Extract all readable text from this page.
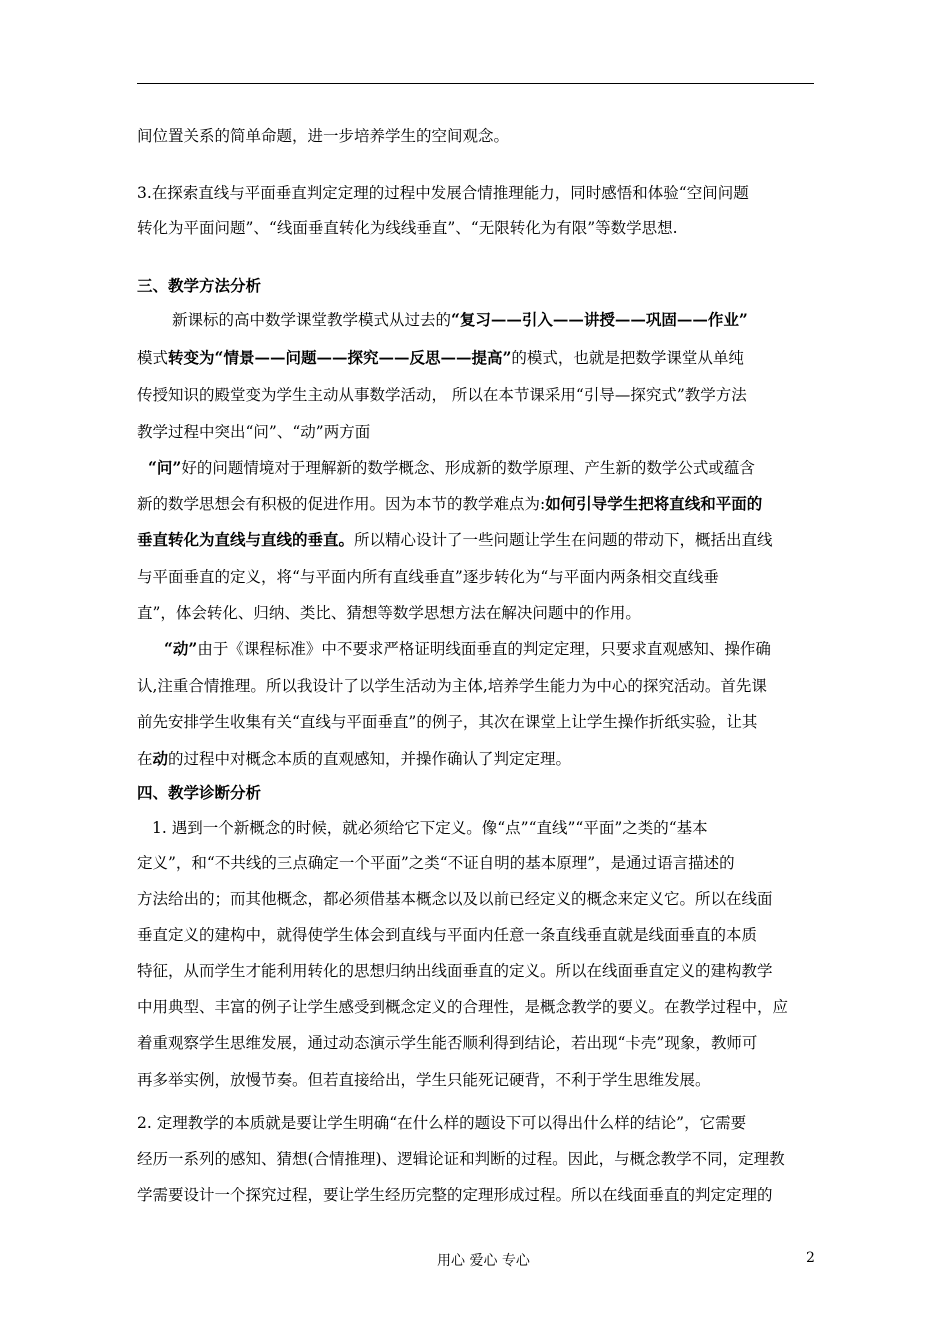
间位置关系的简单命题，进一步培养学生的空间观念。
3.在探索直线与平面垂直判定定理的过程中发展合情推理能力，同时感悟和体验“空间问题
转化为平面问题”、“线面垂直转化为线线垂直”、“无限转化为有限”等数学思想.
三、教学方法分析
新课标的高中数学课堂教学模式从过去的“复习——引入——讲授——巩固——作业”
模式转变为“情景——问题——探究——反思——提高”的模式，也就是把数学课堂从单纯
传授知识的殿堂变为学生主动从事数学活动， 所以在本节课采用“引导—探究式”教学方法
教学过程中突出“问”、“动”两方面
“问”好的问题情境对于理解新的数学概念、形成新的数学原理、产生新的数学公式或蕴含
新的数学思想会有积极的促进作用。因为本节的教学难点为:如何引导学生把将直线和平面的
垂直转化为直线与直线的垂直。所以精心设计了一些问题让学生在问题的带动下，概括出直线
与平面垂直的定义，将“与平面内所有直线垂直”逐步转化为“与平面内两条相交直线垂
直”，体会转化、归纳、类比、猜想等数学思想方法在解决问题中的作用。
“动”由于《课程标准》中不要求严格证明线面垂直的判定定理，只要求直观感知、操作确
认,注重合情推理。所以我设计了以学生活动为主体,培养学生能力为中心的探究活动。首先课
前先安排学生收集有关“直线与平面垂直”的例子，其次在课堂上让学生操作折纸实验，让其
在动的过程中对概念本质的直观感知，并操作确认了判定定理。
四、教学诊断分析
1. 遇到一个新概念的时候，就必须给它下定义。像“点”“直线”“平面”之类的“基本
定义”，和“不共线的三点确定一个平面”之类“不证自明的基本原理”，是通过语言描述的
方法给出的；而其他概念，都必须借基本概念以及以前已经定义的概念来定义它。所以在线面
垂直定义的建构中，就得使学生体会到直线与平面内任意一条直线垂直就是线面垂直的本质
特征，从而学生才能利用转化的思想归纳出线面垂直的定义。所以在线面垂直定义的建构教学
中用典型、丰富的例子让学生感受到概念定义的合理性，是概念教学的要义。在教学过程中，应
着重观察学生思维发展，通过动态演示学生能否顺利得到结论，若出现“卡壳”现象，教师可
再多举实例，放慢节奏。但若直接给出，学生只能死记硬背，不利于学生思维发展。
2. 定理教学的本质就是要让学生明确“在什么样的题设下可以得出什么样的结论”，它需要
经历一系列的感知、猜想(合情推理)、逻辑论证和判断的过程。因此，与概念教学不同，定理教
学需要设计一个探究过程，要让学生经历完整的定理形成过程。所以在线面垂直的判定定理的
用心 爱心 专心	2
